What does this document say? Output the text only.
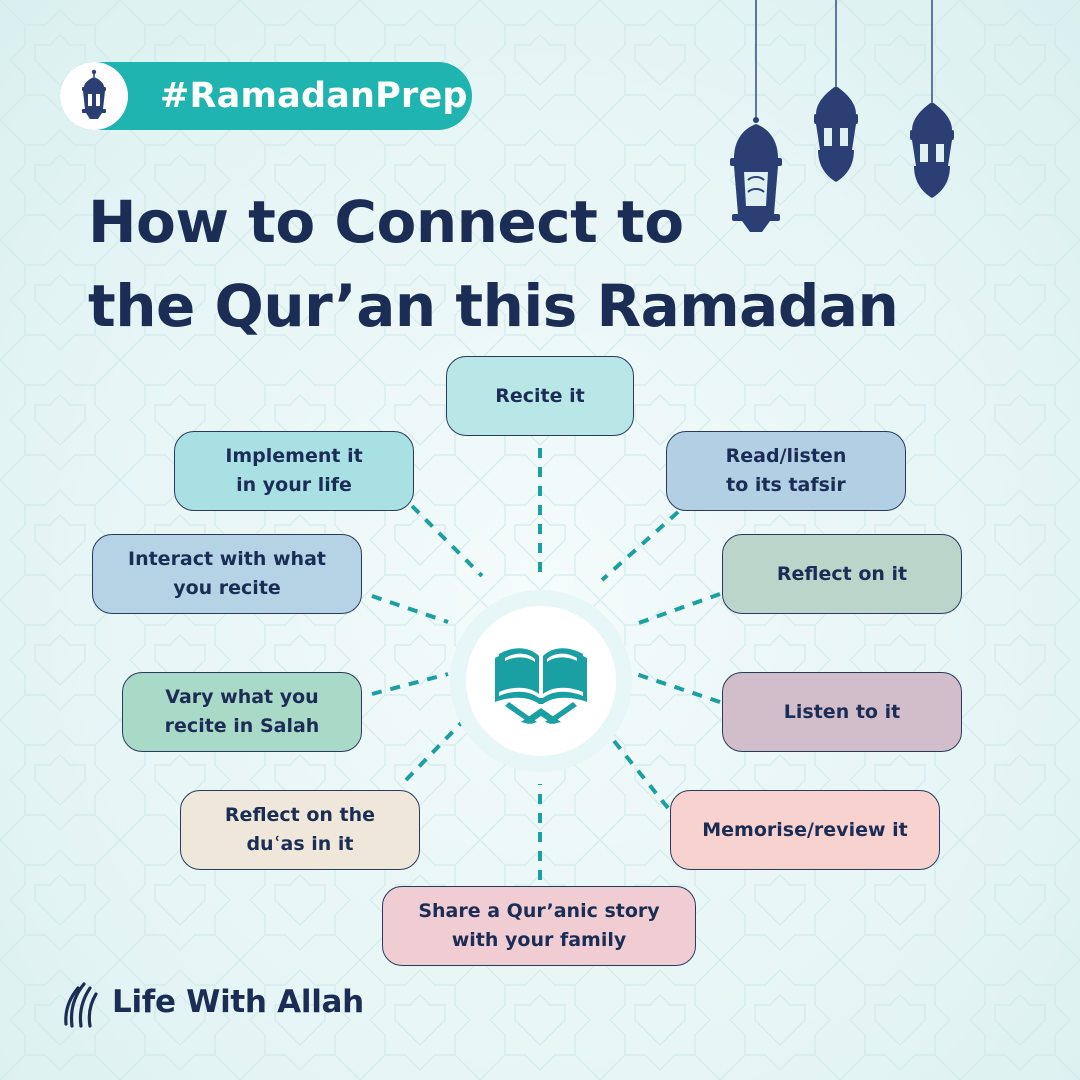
#RamadanPrep
How to Connect to
the Qur’an this Ramadan
Recite it
Read/listen
to its tafsir
Reflect on it
Listen to it
Memorise/review it
Share a Qur’anic story
with your family
Reflect on the
duʿas in it
Vary what you
recite in Salah
Interact with what
you recite
Implement it
in your life
Life With Allah
